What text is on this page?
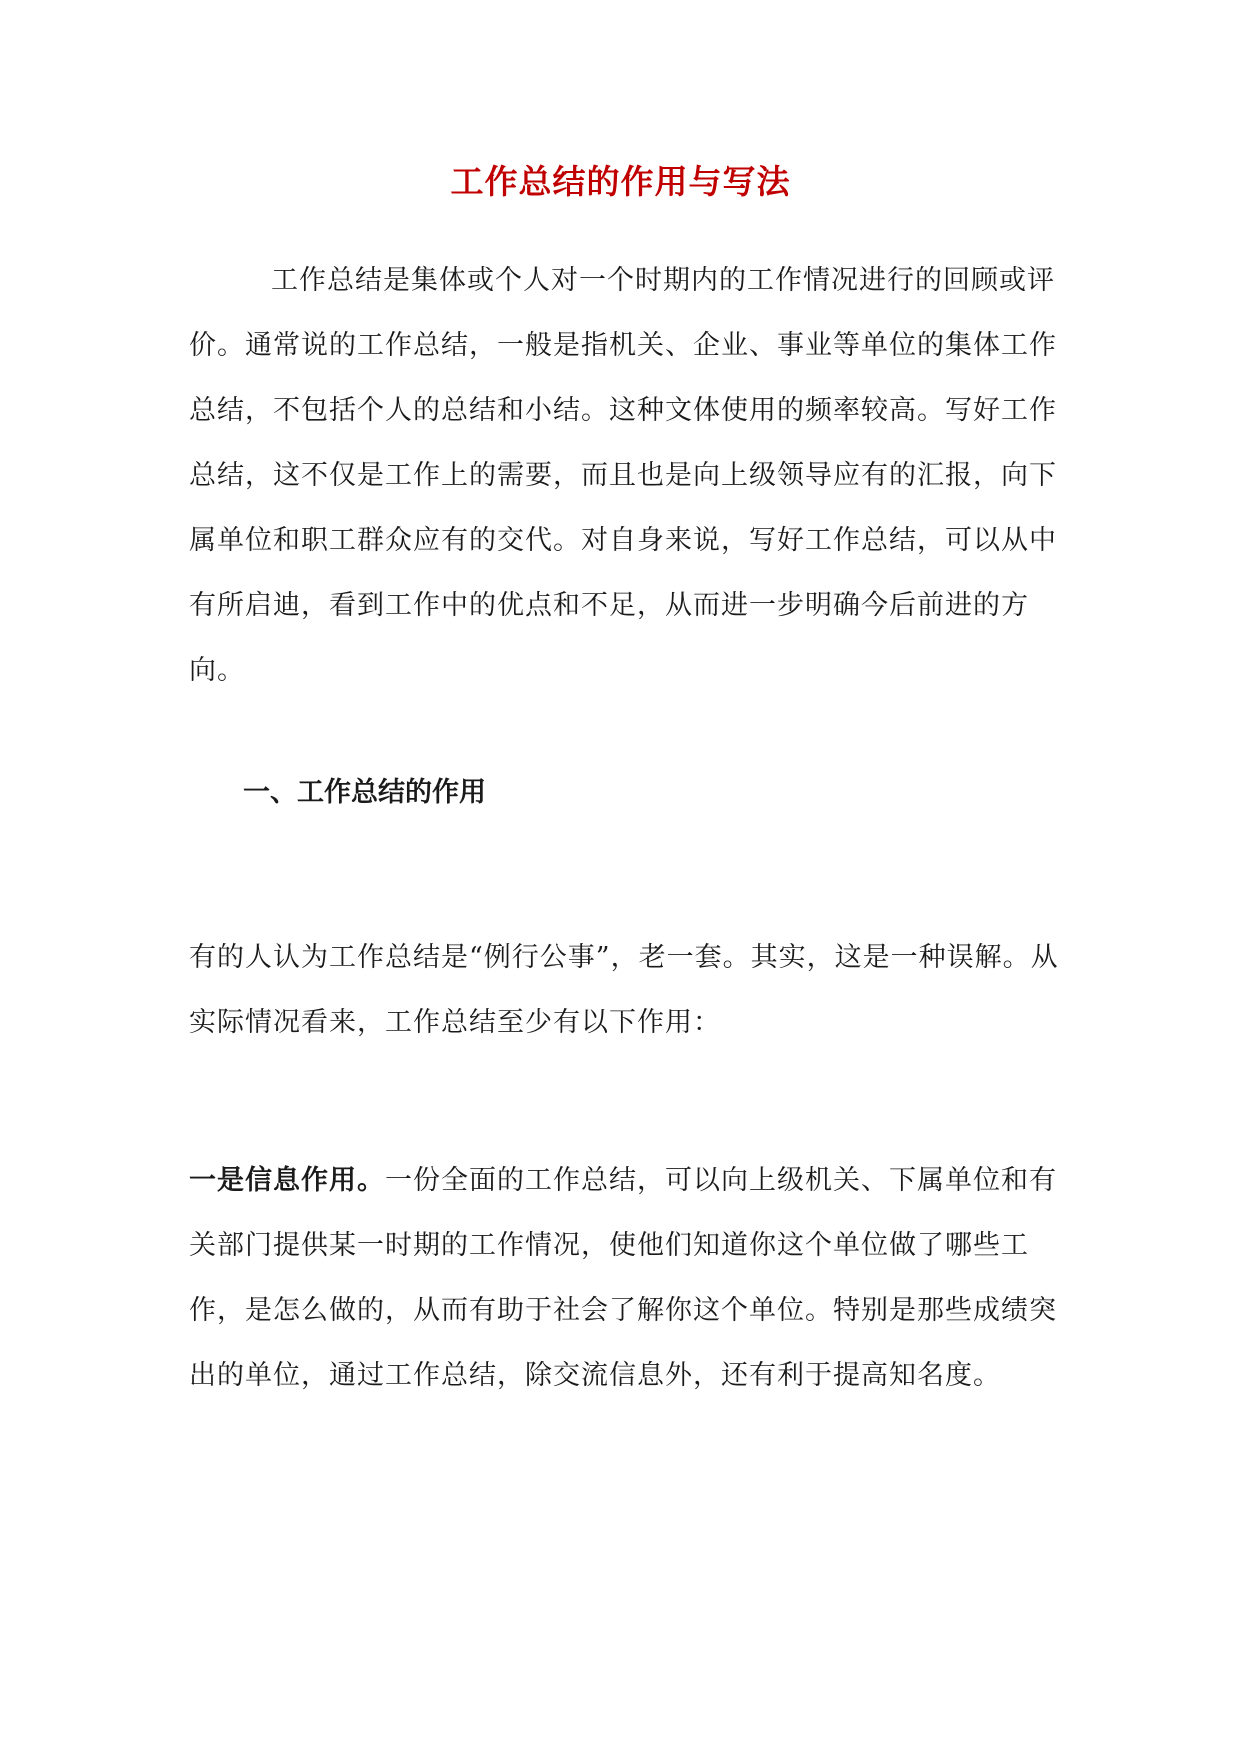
工作总结的作用与写法
工作总结是集体或个人对一个时期内的工作情况进行的回顾或评价。通常说的工作总结，一般是指机关、企业、事业等单位的集体工作总结，不包括个人的总结和小结。这种文体使用的频率较高。写好工作总结，这不仅是工作上的需要，而且也是向上级领导应有的汇报，向下属单位和职工群众应有的交代。对自身来说，写好工作总结，可以从中有所启迪，看到工作中的优点和不足，从而进一步明确今后前进的方向。
一、工作总结的作用
有的人认为工作总结是“例行公事”，老一套。其实，这是一种误解。从实际情况看来，工作总结至少有以下作用：
一是信息作用。一份全面的工作总结，可以向上级机关、下属单位和有关部门提供某一时期的工作情况，使他们知道你这个单位做了哪些工作，是怎么做的，从而有助于社会了解你这个单位。特别是那些成绩突出的单位，通过工作总结，除交流信息外，还有利于提高知名度。
